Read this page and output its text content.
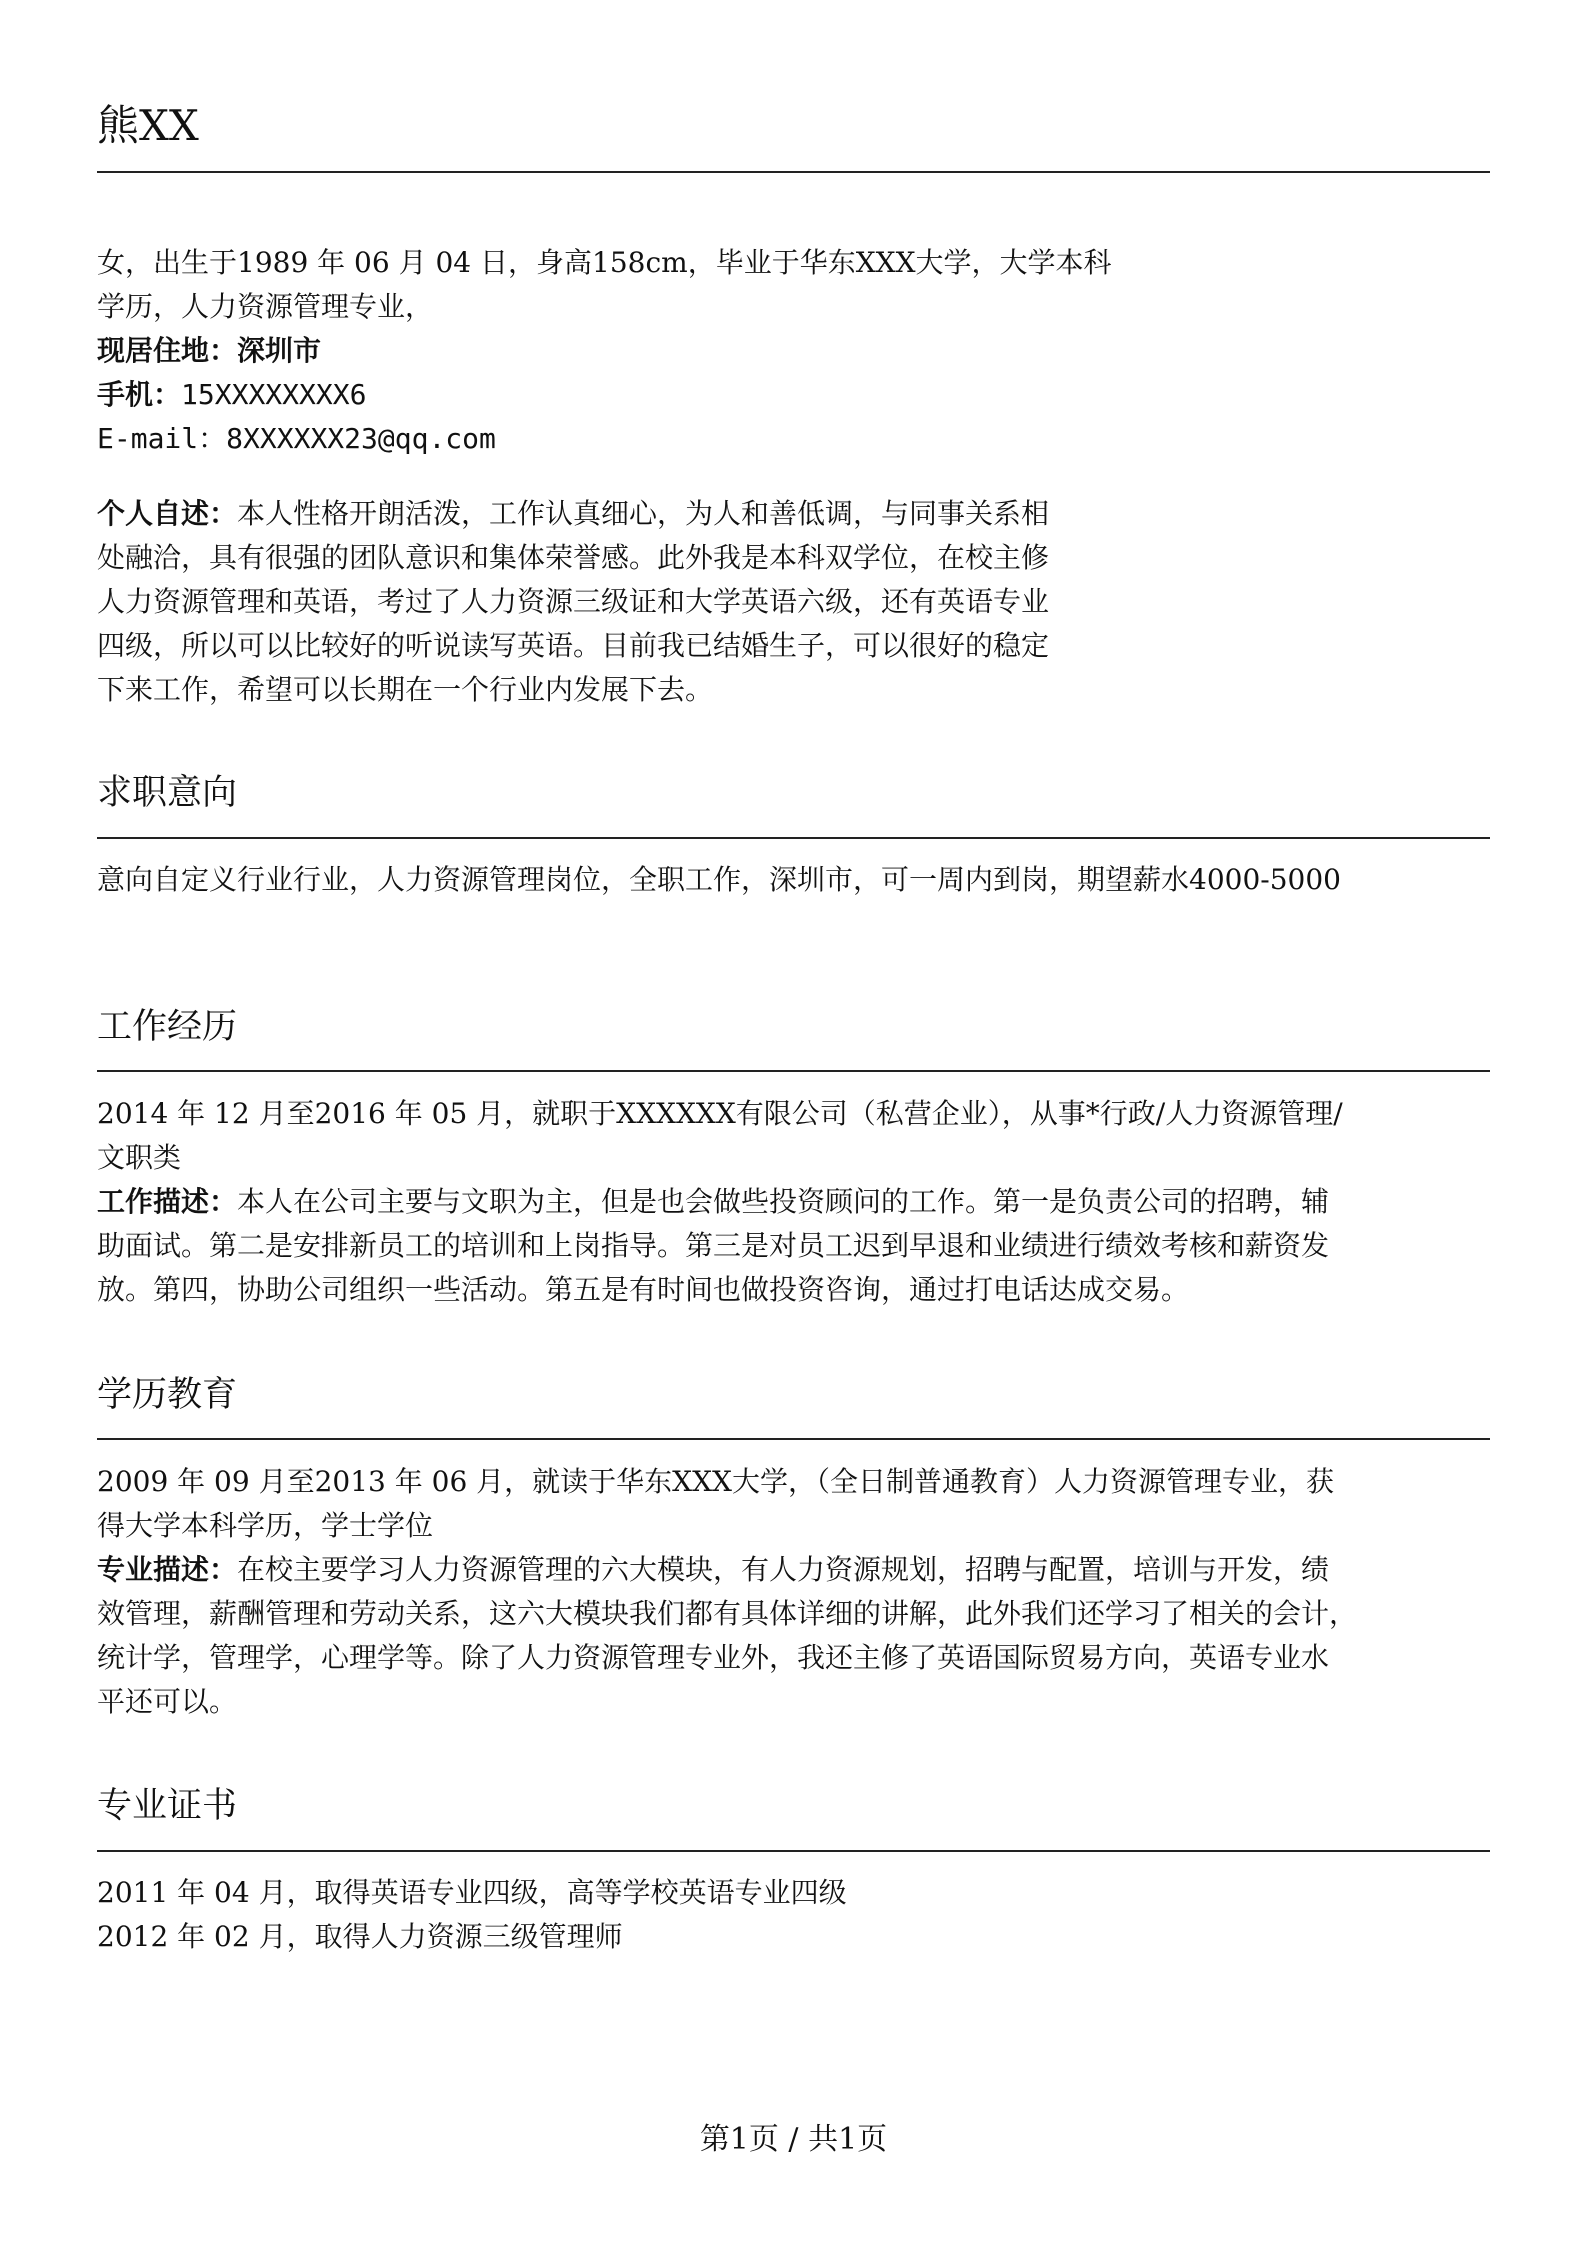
熊XX

女，出生于1989 年 06 月 04 日，身高158cm，毕业于华东XXX大学，大学本科

学历，人力资源管理专业，

现居住地：深圳市

手机：15XXXXXXXX6

E-mail：8XXXXXX23@qq.com

个人自述：本人性格开朗活泼，工作认真细心，为人和善低调，与同事关系相

处融洽，具有很强的团队意识和集体荣誉感。此外我是本科双学位，在校主修

人力资源管理和英语，考过了人力资源三级证和大学英语六级，还有英语专业

四级，所以可以比较好的听说读写英语。目前我已结婚生子，可以很好的稳定

下来工作，希望可以长期在一个行业内发展下去。

求职意向

意向自定义行业行业，人力资源管理岗位，全职工作，深圳市，可一周内到岗，期望薪水4000-5000

工作经历

2014 年 12 月至2016 年 05 月，就职于XXXXXX有限公司（私营企业），从事*行政/人力资源管理/

文职类

工作描述：本人在公司主要与文职为主，但是也会做些投资顾问的工作。第一是负责公司的招聘，辅

助面试。第二是安排新员工的培训和上岗指导。第三是对员工迟到早退和业绩进行绩效考核和薪资发

放。第四，协助公司组织一些活动。第五是有时间也做投资咨询，通过打电话达成交易。

学历教育

2009 年 09 月至2013 年 06 月，就读于华东XXX大学，（全日制普通教育）人力资源管理专业，获

得大学本科学历，学士学位

专业描述：在校主要学习人力资源管理的六大模块，有人力资源规划，招聘与配置，培训与开发，绩

效管理，薪酬管理和劳动关系，这六大模块我们都有具体详细的讲解，此外我们还学习了相关的会计，

统计学，管理学，心理学等。除了人力资源管理专业外，我还主修了英语国际贸易方向，英语专业水

平还可以。

专业证书

2011 年 04 月，取得英语专业四级，高等学校英语专业四级

2012 年 02 月，取得人力资源三级管理师

第1页 / 共1页
